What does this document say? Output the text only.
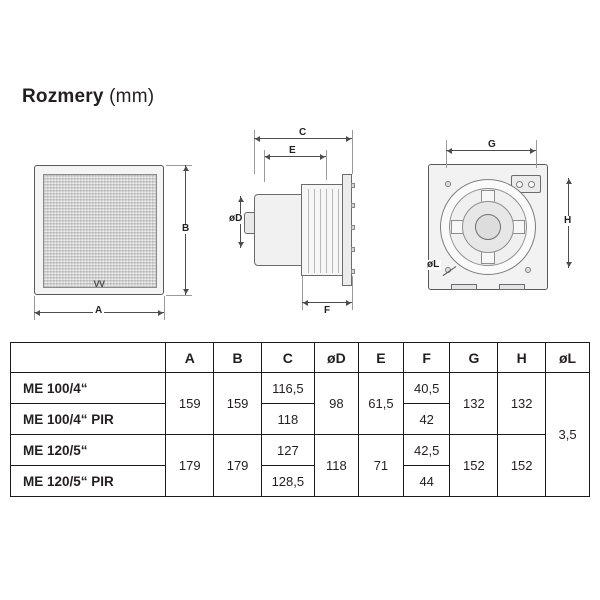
Rozmery (mm)
VV
A
B
C
E
øD
F
G
H
øL
	A	B	C	øD	E	F	G	H	øL
ME 100/4“	159	159	116,5	98	61,5	40,5	132	132	3,5
ME 100/4“ PIR			118			42			
ME 120/5“	179	179	127	118	71	42,5	152	152	
ME 120/5“ PIR			128,5			44			
